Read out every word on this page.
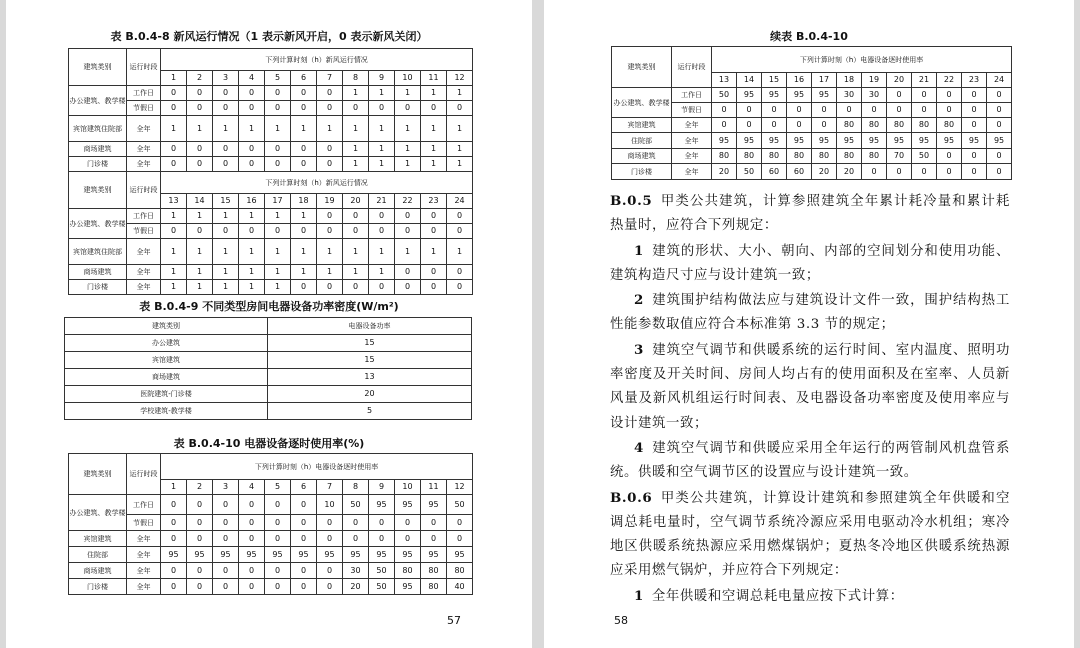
表 B.0.4-8 新风运行情况（1 表示新风开启，0 表示新风关闭）
建筑类别	运行时段	下列计算时刻（h）新风运行情况											
		1	2	3	4	5	6	7	8	9	10	11	12
办公建筑、教学楼	工作日	0	0	0	0	0	0	0	1	1	1	1	1
	节假日	0	0	0	0	0	0	0	0	0	0	0	0
宾馆建筑住院部	全年	1	1	1	1	1	1	1	1	1	1	1	1
商场建筑	全年	0	0	0	0	0	0	0	1	1	1	1	1
门诊楼	全年	0	0	0	0	0	0	0	1	1	1	1	1
建筑类别	运行时段	下列计算时刻（h）新风运行情况											
		13	14	15	16	17	18	19	20	21	22	23	24
办公建筑、教学楼	工作日	1	1	1	1	1	1	0	0	0	0	0	0
	节假日	0	0	0	0	0	0	0	0	0	0	0	0
宾馆建筑住院部	全年	1	1	1	1	1	1	1	1	1	1	1	1
商场建筑	全年	1	1	1	1	1	1	1	1	1	0	0	0
门诊楼	全年	1	1	1	1	1	0	0	0	0	0	0	0
表 B.0.4-9 不同类型房间电器设备功率密度(W/m²)
建筑类别	电器设备功率
办公建筑	15
宾馆建筑	15
商场建筑	13
医院建筑-门诊楼	20
学校建筑-教学楼	5
表 B.0.4-10 电器设备逐时使用率(%)
建筑类别	运行时段	下列计算时刻（h）电器设备逐时使用率											
		1	2	3	4	5	6	7	8	9	10	11	12
办公建筑、教学楼	工作日	0	0	0	0	0	0	10	50	95	95	95	50
	节假日	0	0	0	0	0	0	0	0	0	0	0	0
宾馆建筑	全年	0	0	0	0	0	0	0	0	0	0	0	0
住院部	全年	95	95	95	95	95	95	95	95	95	95	95	95
商场建筑	全年	0	0	0	0	0	0	0	30	50	80	80	80
门诊楼	全年	0	0	0	0	0	0	0	20	50	95	80	40
57
续表 B.0.4-10
建筑类别	运行时段	下列计算时刻（h）电器设备逐时使用率											
		13	14	15	16	17	18	19	20	21	22	23	24
办公建筑、教学楼	工作日	50	95	95	95	95	30	30	0	0	0	0	0
	节假日	0	0	0	0	0	0	0	0	0	0	0	0
宾馆建筑	全年	0	0	0	0	0	80	80	80	80	80	0	0
住院部	全年	95	95	95	95	95	95	95	95	95	95	95	95
商场建筑	全年	80	80	80	80	80	80	80	70	50	0	0	0
门诊楼	全年	20	50	60	60	20	20	0	0	0	0	0	0

B.0.5 甲类公共建筑，计算参照建筑全年累计耗冷量和累计耗热量时，应符合下列规定：

1 建筑的形状、大小、朝向、内部的空间划分和使用功能、建筑构造尺寸应与设计建筑一致；

2 建筑围护结构做法应与建筑设计文件一致，围护结构热工性能参数取值应符合本标准第 3.3 节的规定；

3 建筑空气调节和供暖系统的运行时间、室内温度、照明功率密度及开关时间、房间人均占有的使用面积及在室率、人员新风量及新风机组运行时间表、及电器设备功率密度及使用率应与设计建筑一致；

4 建筑空气调节和供暖应采用全年运行的两管制风机盘管系统。供暖和空气调节区的设置应与设计建筑一致。

B.0.6 甲类公共建筑，计算设计建筑和参照建筑全年供暖和空调总耗电量时，空气调节系统冷源应采用电驱动冷水机组；寒冷地区供暖系统热源应采用燃煤锅炉；夏热冬冷地区供暖系统热源应采用燃气锅炉，并应符合下列规定：

1 全年供暖和空调总耗电量应按下式计算：

58
